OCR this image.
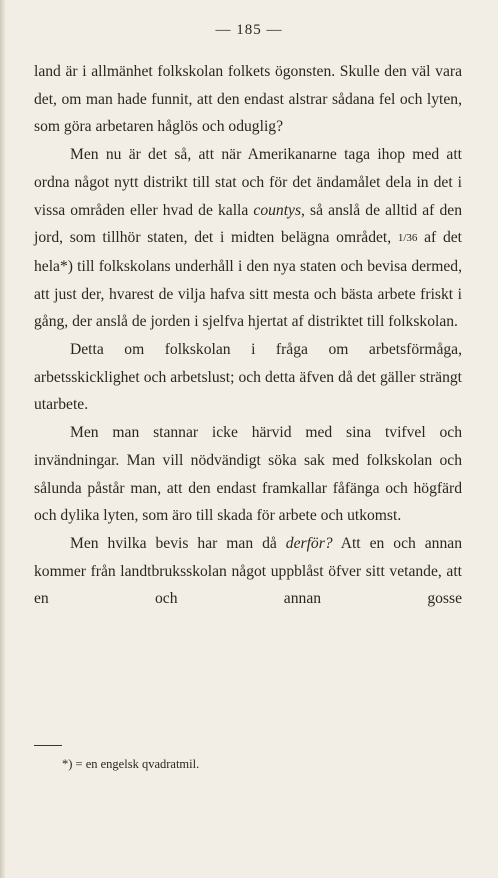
— 185 —

land är i allmänhet folkskolan folkets ögonsten. Skulle den väl vara det, om man hade funnit, att den endast alstrar sådana fel och lyten, som göra arbetaren håglös och oduglig?

Men nu är det så, att när Amerikanarne taga ihop med att ordna något nytt distrikt till stat och för det ändamålet dela in det i vissa områden eller hvad de kalla countys, så anslå de alltid af den jord, som tillhör staten, det i midten belägna området, 1/36 af det hela*) till folkskolans underhåll i den nya staten och bevisa dermed, att just der, hvarest de vilja hafva sitt mesta och bästa arbete friskt i gång, der anslå de jorden i sjelfva hjertat af distriktet till folkskolan.

Detta om folkskolan i fråga om arbetsförmåga, arbetsskicklighet och arbetslust; och detta äfven då det gäller strängt utarbete.

Men man stannar icke härvid med sina tvifvel och invändningar. Man vill nödvändigt söka sak med folkskolan och sålunda påstår man, att den endast framkallar fåfänga och högfärd och dylika lyten, som äro till skada för arbete och utkomst.

Men hvilka bevis har man då derför? Att en och annan kommer från landtbruksskolan något uppblåst öfver sitt vetande, att en och annan gosse

*) = en engelsk qvadratmil.
